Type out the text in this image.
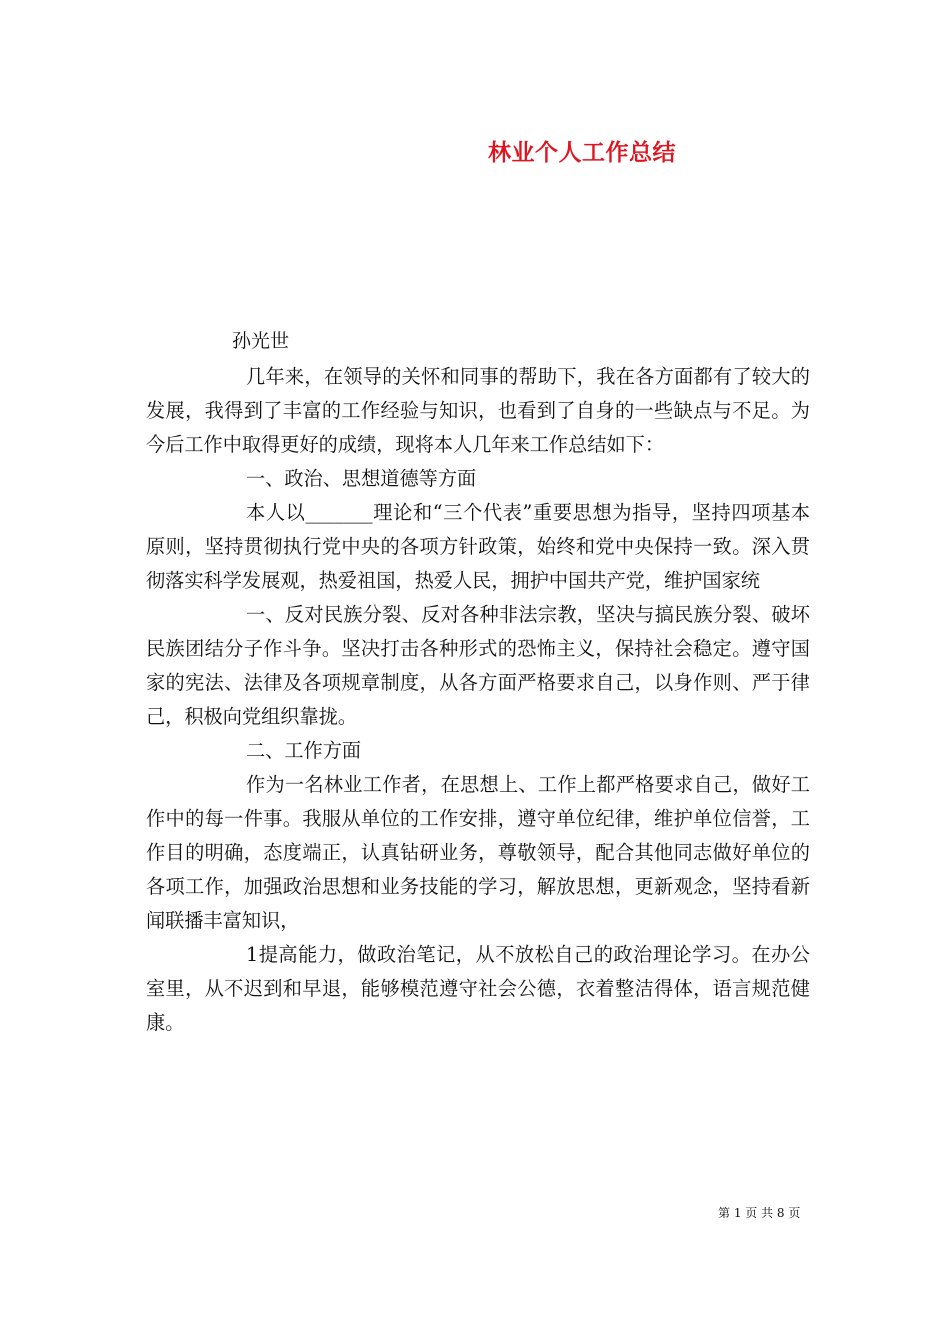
林业个人工作总结
孙光世

几年来，在领导的关怀和同事的帮助下，我在各方面都有了较大的发展，我得到了丰富的工作经验与知识，也看到了自身的一些缺点与不足。为今后工作中取得更好的成绩，现将本人几年来工作总结如下：

一、政治、思想道德等方面

本人以_______理论和“三个代表”重要思想为指导，坚持四项基本原则，坚持贯彻执行党中央的各项方针政策，始终和党中央保持一致。深入贯彻落实科学发展观，热爱祖国，热爱人民，拥护中国共产党，维护国家统

一、反对民族分裂、反对各种非法宗教，坚决与搞民族分裂、破坏民族团结分子作斗争。坚决打击各种形式的恐怖主义，保持社会稳定。遵守国家的宪法、法律及各项规章制度，从各方面严格要求自己，以身作则、严于律己，积极向党组织靠拢。

二、工作方面

作为一名林业工作者，在思想上、工作上都严格要求自己，做好工作中的每一件事。我服从单位的工作安排，遵守单位纪律，维护单位信誉，工作目的明确，态度端正，认真钻研业务，尊敬领导，配合其他同志做好单位的各项工作，加强政治思想和业务技能的学习，解放思想，更新观念，坚持看新闻联播丰富知识，

1提高能力，做政治笔记，从不放松自己的政治理论学习。在办公室里，从不迟到和早退，能够模范遵守社会公德，衣着整洁得体，语言规范健康。

第 1 页 共 8 页
